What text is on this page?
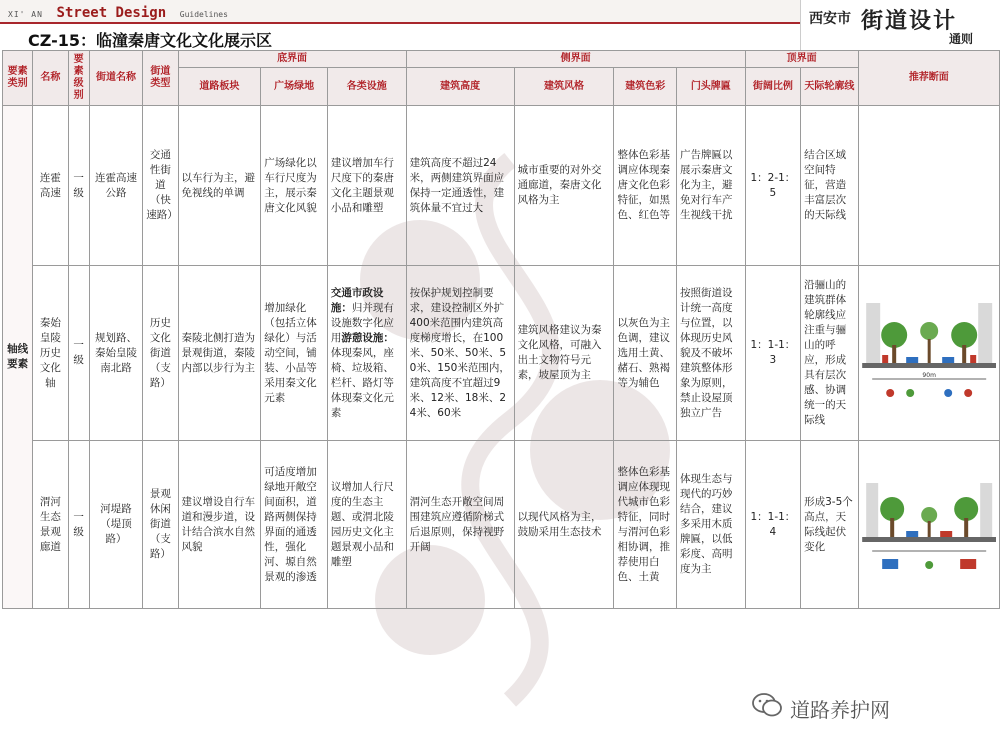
XI' AN Street Design Guidelines	西安市 街道设计
通则
CZ-15：临潼秦唐文化文化展示区
要素类别	名称	要素级别	街道名称	街道类型	底界面			侧界面				顶界面		推荐断面
					道路板块	广场绿地	各类设施	建筑高度	建筑风格	建筑色彩	门头牌匾	街阔比例	天际轮廓线	
轴线要素	连霍高速	一级	连霍高速公路	交通性街道（快速路）	以车行为主，避免视线的单调	广场绿化以车行尺度为主，展示秦唐文化风貌	建议增加车行尺度下的秦唐文化主题景观小品和雕塑	建筑高度不超过24米，两侧建筑界面应保持一定通透性，建筑体量不宜过大	城市重要的对外交通廊道，秦唐文化风格为主	整体色彩基调应体现秦唐文化色彩特征，如黑色、红色等	广告牌匾以展示秦唐文化为主，避免对行车产生视线干扰	1：2-1：5	结合区域空间特征，营造丰富层次的天际线	
	秦始皇陵历史文化轴	一级	规划路、秦始皇陵南北路	历史文化街道（支路）	秦陵北侧打造为景观街道，秦陵内部以步行为主	增加绿化（包括立体绿化）与活动空间，铺装、小品等采用秦文化元素	交通市政设施：归并现有设施数字化应用游憩设施：体现秦风，座椅、垃圾箱、栏杆、路灯等体现秦文化元素	按保护规划控制要求，建设控制区外扩400米范围内建筑高度梯度增长，在100米、50米、50米、50米、150米范围内，建筑高度不宜超过9米、12米、18米、24米、60米	建筑风格建议为秦文化风格，可融入出土文物符号元素，坡屋顶为主	以灰色为主色调，建议选用土黄、赭石、熟褐等为辅色	按照街道设计统一高度与位置，以体现历史风貌及不破坏建筑整体形象为原则，禁止设屋顶独立广告	1：1-1：3	沿骊山的建筑群体轮廓线应注重与骊山的呼应，形成具有层次感、协调统一的天际线	90m

	渭河生态景观廊道	一级	河堤路（堤顶路）	景观休闲街道（支路）	建议增设自行车道和漫步道，设计结合滨水自然风貌	可适度增加绿地开敞空间面积，道路两侧保持界面的通透性，强化河、塬自然景观的渗透	议增加人行尺度的生态主题、或渭北陵园历史文化主题景观小品和雕塑	渭河生态开敞空间周围建筑应遵循阶梯式后退原则，保持视野开阔	以现代风格为主，鼓励采用生态技术	整体色彩基调应体现现代城市色彩特征，同时与渭河色彩相协调，推荐使用白色、土黄	体现生态与现代的巧妙结合，建议多采用木质牌匾，以低彩度、高明度为主	1：1-1：4	形成3-5个高点，天际线起伏变化	
道路养护网
